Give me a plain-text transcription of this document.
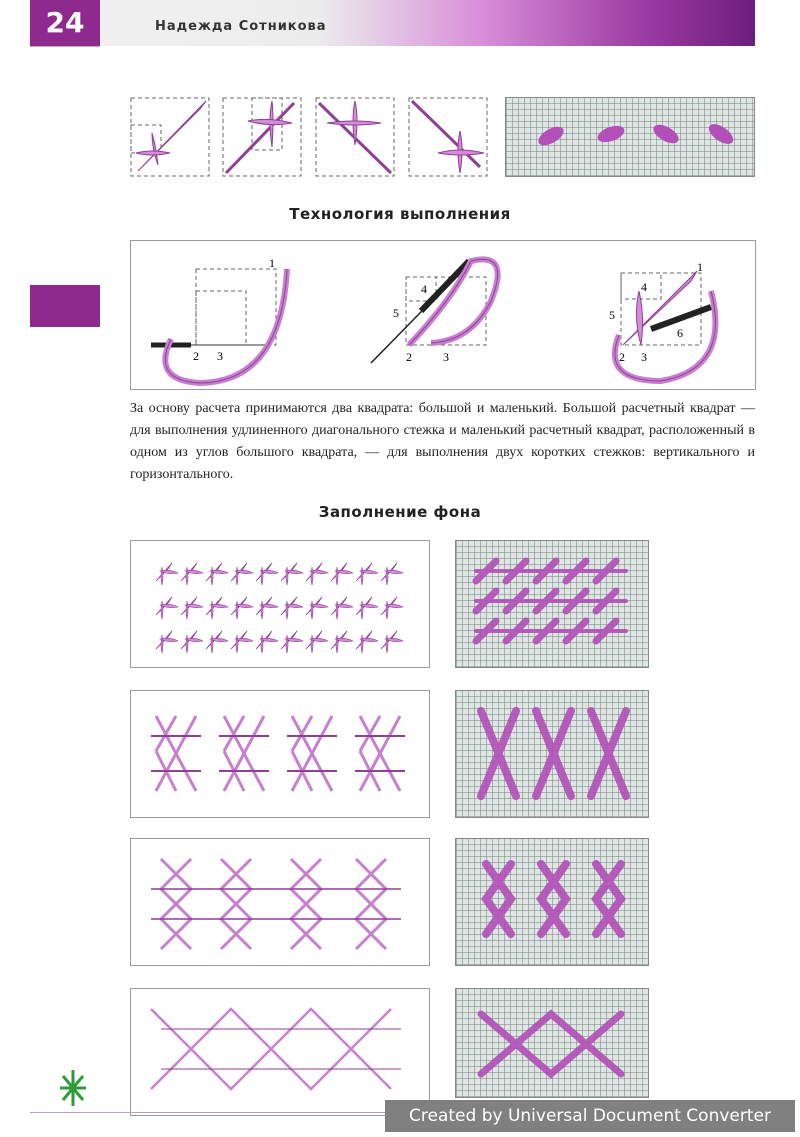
24	Надежда Сотникова
Технология выполнения
1
2 3
4
5
2	3
1
4
5
6
2 3
За основу расчета принимаются два квадрата: большой и маленький. Большой расчетный квадрат — для выполнения удлиненного диагонального стежка и маленький расчетный квадрат, расположенный в одном из углов большого квадрата, — для выполнения двух коротких стежков: вертикального и горизонтального.
Заполнение фона
Created by Universal Document Converter
